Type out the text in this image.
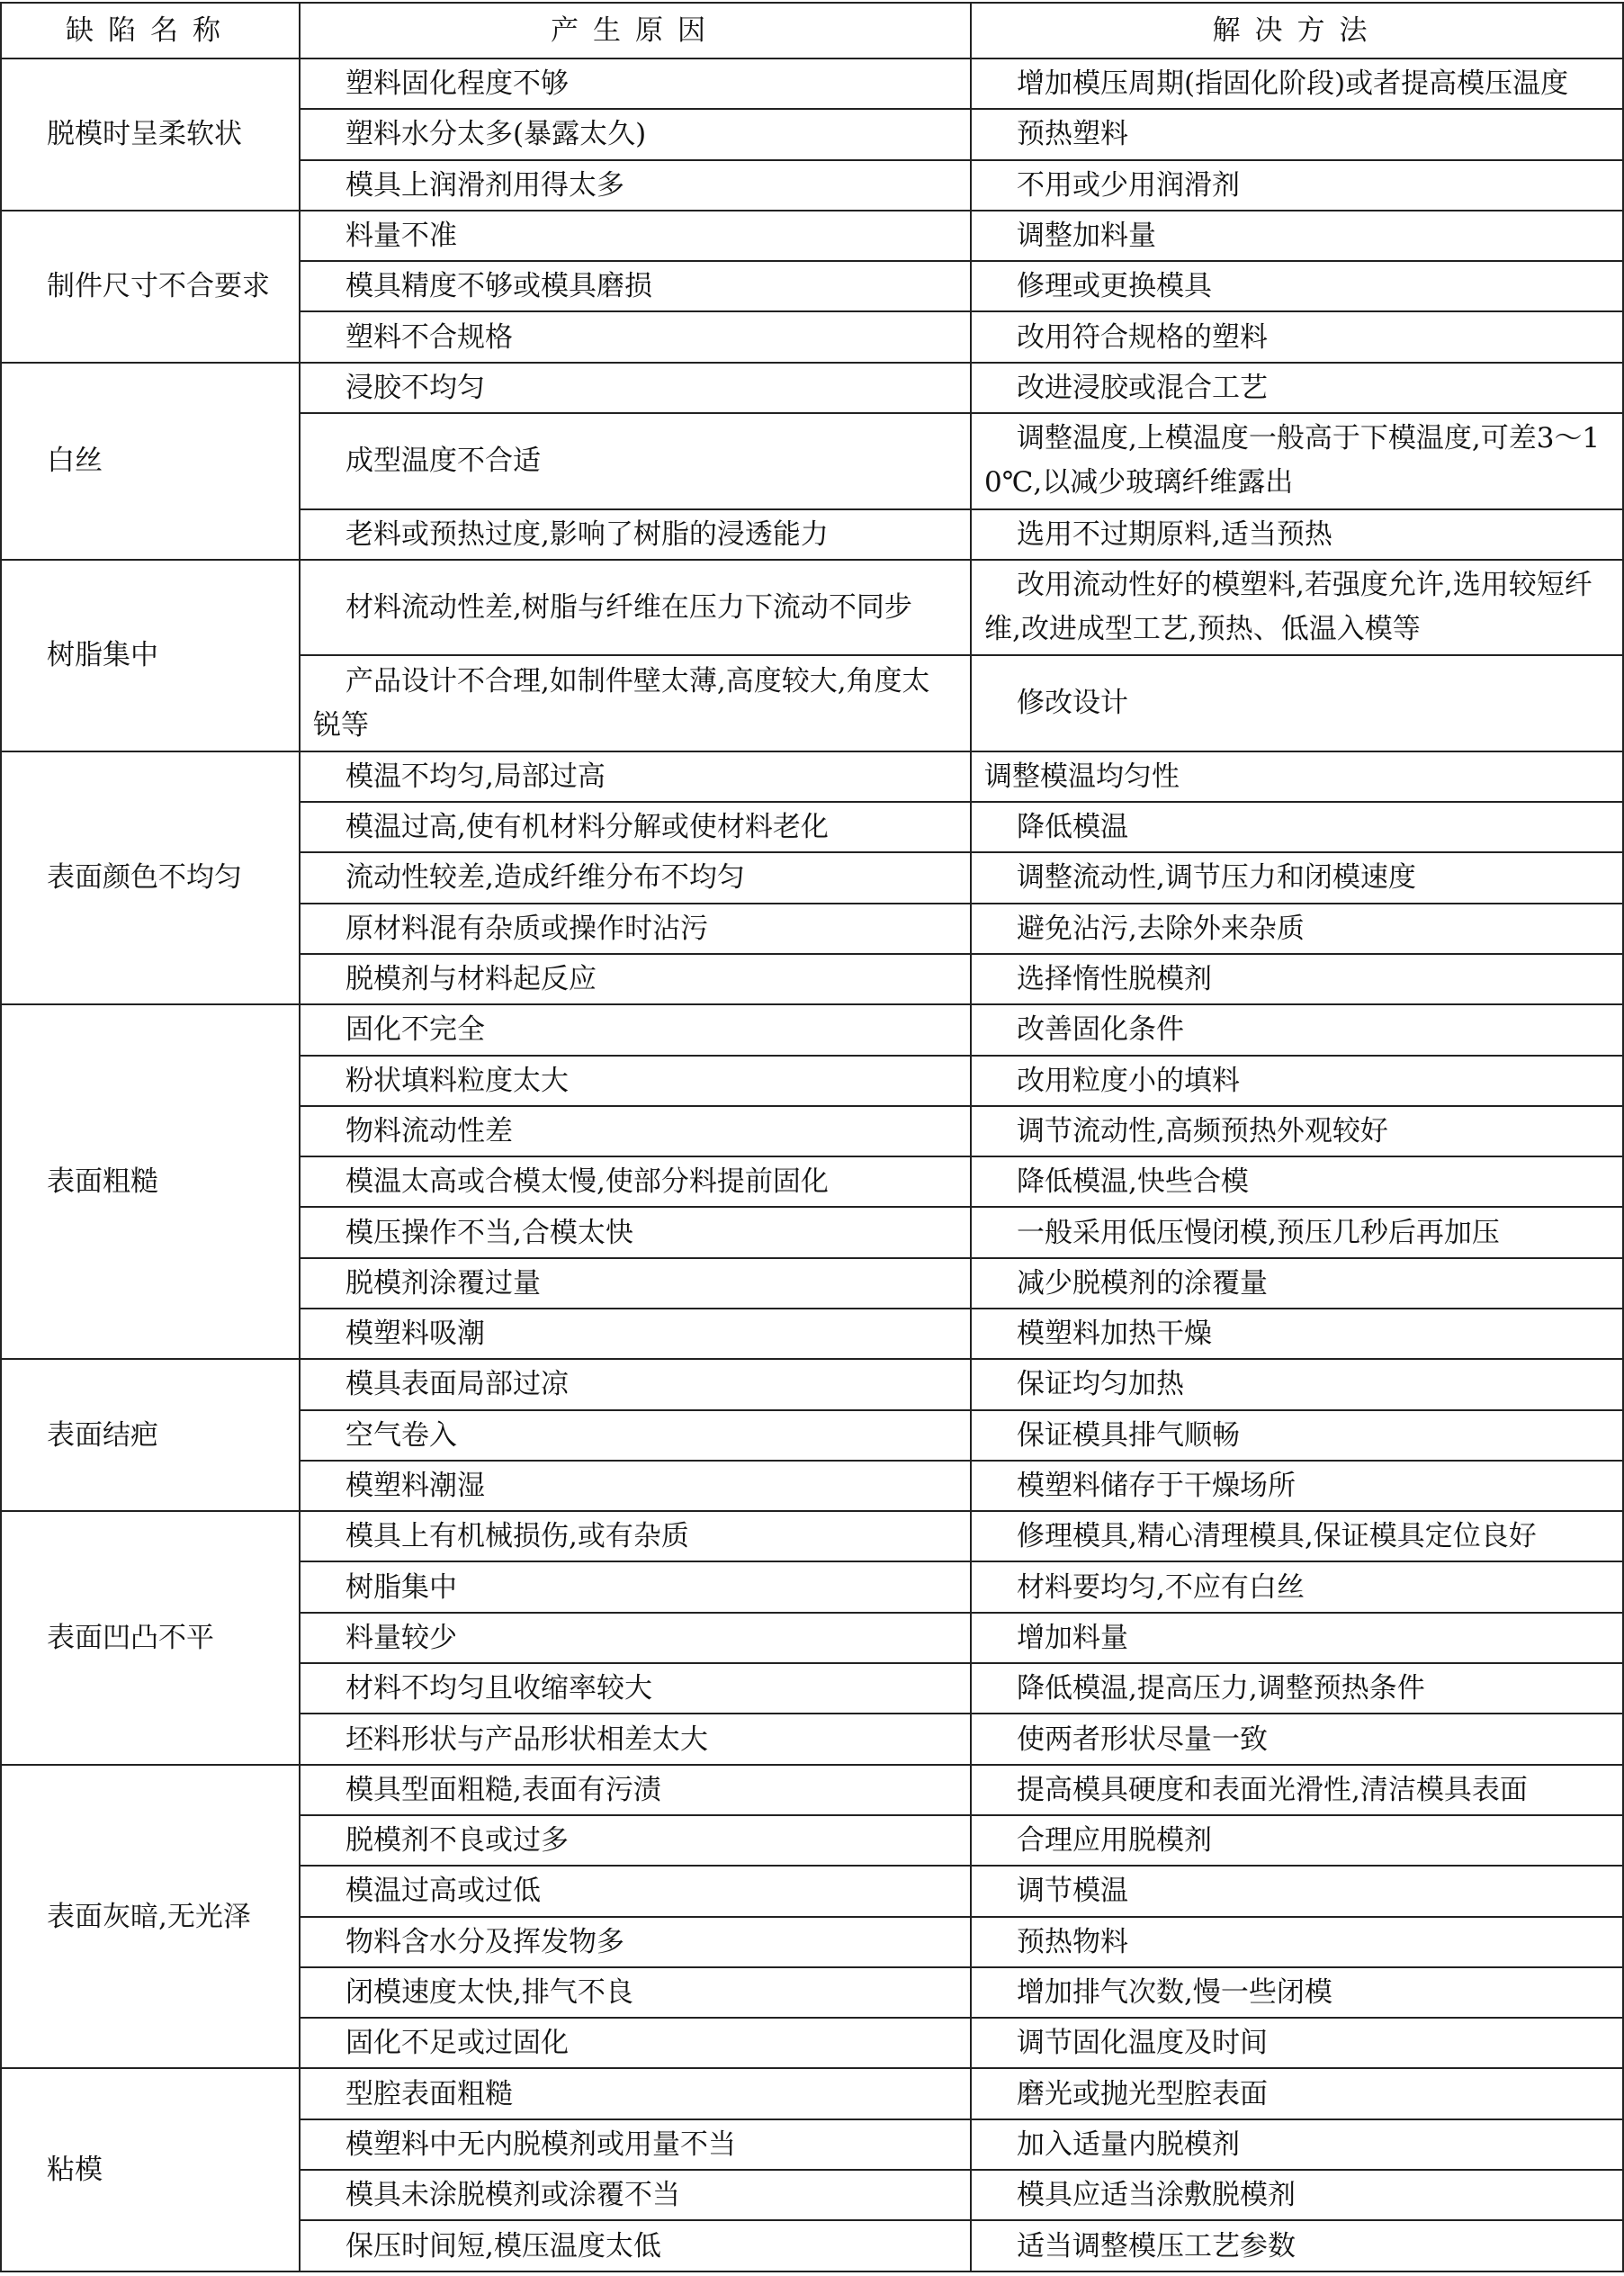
缺陷名称	产生原因	解决方法
脱模时呈柔软状	塑料固化程度不够	增加模压周期(指固化阶段)或者提高模压温度
	塑料水分太多(暴露太久)	预热塑料
	模具上润滑剂用得太多	不用或少用润滑剂
制件尺寸不合要求	料量不准	调整加料量
	模具精度不够或模具磨损	修理或更换模具
	塑料不合规格	改用符合规格的塑料
白丝	浸胶不均匀	改进浸胶或混合工艺
	成型温度不合适	调整温度,上模温度一般高于下模温度,可差3～10℃,以减少玻璃纤维露出
	老料或预热过度,影响了树脂的浸透能力	选用不过期原料,适当预热
树脂集中	材料流动性差,树脂与纤维在压力下流动不同步	改用流动性好的模塑料,若强度允许,选用较短纤维,改进成型工艺,预热、低温入模等
	产品设计不合理,如制件壁太薄,高度较大,角度太锐等	修改设计
表面颜色不均匀	模温不均匀,局部过高	调整模温均匀性
	模温过高,使有机材料分解或使材料老化	降低模温
	流动性较差,造成纤维分布不均匀	调整流动性,调节压力和闭模速度
	原材料混有杂质或操作时沾污	避免沾污,去除外来杂质
	脱模剂与材料起反应	选择惰性脱模剂
表面粗糙	固化不完全	改善固化条件
	粉状填料粒度太大	改用粒度小的填料
	物料流动性差	调节流动性,高频预热外观较好
	模温太高或合模太慢,使部分料提前固化	降低模温,快些合模
	模压操作不当,合模太快	一般采用低压慢闭模,预压几秒后再加压
	脱模剂涂覆过量	减少脱模剂的涂覆量
	模塑料吸潮	模塑料加热干燥
表面结疤	模具表面局部过凉	保证均匀加热
	空气卷入	保证模具排气顺畅
	模塑料潮湿	模塑料储存于干燥场所
表面凹凸不平	模具上有机械损伤,或有杂质	修理模具,精心清理模具,保证模具定位良好
	树脂集中	材料要均匀,不应有白丝
	料量较少	增加料量
	材料不均匀且收缩率较大	降低模温,提高压力,调整预热条件
	坯料形状与产品形状相差太大	使两者形状尽量一致
表面灰暗,无光泽	模具型面粗糙,表面有污渍	提高模具硬度和表面光滑性,清洁模具表面
	脱模剂不良或过多	合理应用脱模剂
	模温过高或过低	调节模温
	物料含水分及挥发物多	预热物料
	闭模速度太快,排气不良	增加排气次数,慢一些闭模
	固化不足或过固化	调节固化温度及时间
粘模	型腔表面粗糙	磨光或抛光型腔表面
	模塑料中无内脱模剂或用量不当	加入适量内脱模剂
	模具未涂脱模剂或涂覆不当	模具应适当涂敷脱模剂
	保压时间短,模压温度太低	适当调整模压工艺参数
